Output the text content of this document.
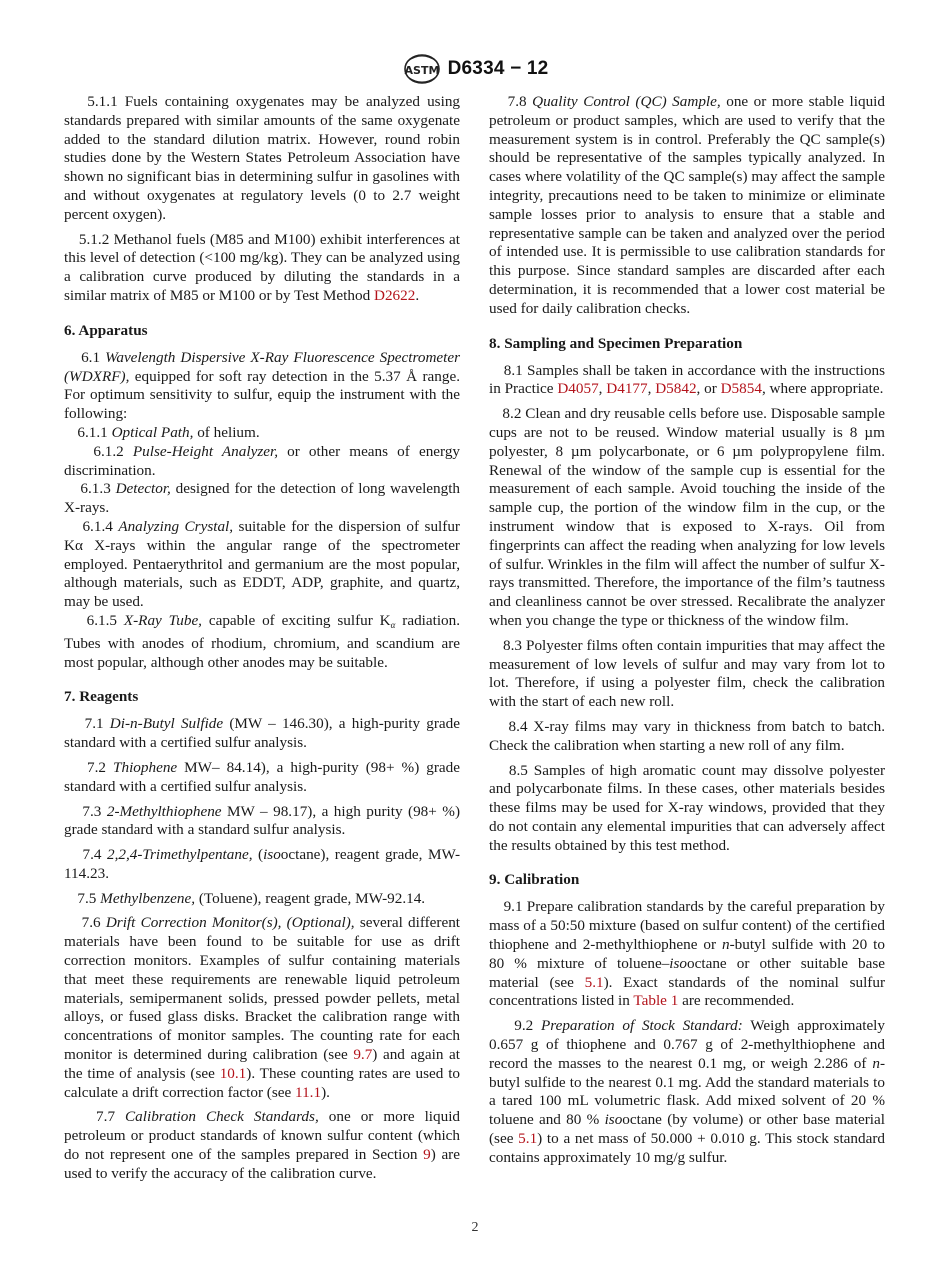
ASTM D6334 − 12

5.1.1 Fuels containing oxygenates may be analyzed using standards prepared with similar amounts of the same oxygenate added to the standard dilution matrix. However, round robin studies done by the Western States Petroleum Association have shown no significant bias in determining sulfur in gasolines with and without oxygenates at regulatory levels (0 to 2.7 weight percent oxygen).

5.1.2 Methanol fuels (M85 and M100) exhibit interferences at this level of detection (<100 mg/kg). They can be analyzed using a calibration curve produced by diluting the standards in a similar matrix of M85 or M100 or by Test Method D2622.

6. Apparatus

6.1 Wavelength Dispersive X-Ray Fluorescence Spectrometer (WDXRF), equipped for soft ray detection in the 5.37 Å range. For optimum sensitivity to sulfur, equip the instrument with the following:

6.1.1 Optical Path, of helium.

6.1.2 Pulse-Height Analyzer, or other means of energy discrimination.

6.1.3 Detector, designed for the detection of long wavelength X-rays.

6.1.4 Analyzing Crystal, suitable for the dispersion of sulfur Kα X-rays within the angular range of the spectrometer employed. Pentaerythritol and germanium are the most popular, although materials, such as EDDT, ADP, graphite, and quartz, may be used.

6.1.5 X-Ray Tube, capable of exciting sulfur $K_\alpha$ radiation. Tubes with anodes of rhodium, chromium, and scandium are most popular, although other anodes may be suitable.

7. Reagents

7.1 Di-n-Butyl Sulfide (MW – 146.30), a high-purity grade standard with a certified sulfur analysis.

7.2 Thiophene MW– 84.14), a high-purity (98+ %) grade standard with a certified sulfur analysis.

7.3 2-Methylthiophene MW – 98.17), a high purity (98+ %) grade standard with a standard sulfur analysis.

7.4 2,2,4-Trimethylpentane, (isooctane), reagent grade, MW-114.23.

7.5 Methylbenzene, (Toluene), reagent grade, MW-92.14.

7.6 Drift Correction Monitor(s), (Optional), several different materials have been found to be suitable for use as drift correction monitors. Examples of sulfur containing materials that meet these requirements are renewable liquid petroleum materials, semipermanent solids, pressed powder pellets, metal alloys, or fused glass disks. Bracket the calibration range with concentrations of monitor samples. The counting rate for each monitor is determined during calibration (see 9.7) and again at the time of analysis (see 10.1). These counting rates are used to calculate a drift correction factor (see 11.1).

7.7 Calibration Check Standards, one or more liquid petroleum or product standards of known sulfur content (which do not represent one of the samples prepared in Section 9) are used to verify the accuracy of the calibration curve.

7.8 Quality Control (QC) Sample, one or more stable liquid petroleum or product samples, which are used to verify that the measurement system is in control. Preferably the QC sample(s) should be representative of the samples typically analyzed. In cases where volatility of the QC sample(s) may affect the sample integrity, precautions need to be taken to minimize or eliminate sample losses prior to analysis to ensure that a stable and representative sample can be taken and analyzed over the period of intended use. It is permissible to use calibration standards for this purpose. Since standard samples are discarded after each determination, it is recommended that a lower cost material be used for daily calibration checks.

8. Sampling and Specimen Preparation

8.1 Samples shall be taken in accordance with the instructions in Practice D4057, D4177, D5842, or D5854, where appropriate.

8.2 Clean and dry reusable cells before use. Disposable sample cups are not to be reused. Window material usually is 8 µm polyester, 8 µm polycarbonate, or 6 µm polypropylene film. Renewal of the window of the sample cup is essential for the measurement of each sample. Avoid touching the inside of the sample cup, the portion of the window film in the cup, or the instrument window that is exposed to X-rays. Oil from fingerprints can affect the reading when analyzing for low levels of sulfur. Wrinkles in the film will affect the number of sulfur X-rays transmitted. Therefore, the importance of the film’s tautness and cleanliness cannot be over stressed. Recalibrate the analyzer when you change the type or thickness of the window film.

8.3 Polyester films often contain impurities that may affect the measurement of low levels of sulfur and may vary from lot to lot. Therefore, if using a polyester film, check the calibration with the start of each new roll.

8.4 X-ray films may vary in thickness from batch to batch. Check the calibration when starting a new roll of any film.

8.5 Samples of high aromatic count may dissolve polyester and polycarbonate films. In these cases, other materials besides these films may be used for X-ray windows, provided that they do not contain any elemental impurities that can adversely affect the results obtained by this test method.

9. Calibration

9.1 Prepare calibration standards by the careful preparation by mass of a 50:50 mixture (based on sulfur content) of the certified thiophene and 2-methylthiophene or n-butyl sulfide with 20 to 80 % mixture of toluene–isooctane or other suitable base material (see 5.1). Exact standards of the nominal sulfur concentrations listed in Table 1 are recommended.

9.2 Preparation of Stock Standard: Weigh approximately 0.657 g of thiophene and 0.767 g of 2-methylthiophene and record the masses to the nearest 0.1 mg, or weigh 2.286 of n-butyl sulfide to the nearest 0.1 mg. Add the standard materials to a tared 100 mL volumetric flask. Add mixed solvent of 20 % toluene and 80 % isooctane (by volume) or other base material (see 5.1) to a net mass of 50.000 + 0.010 g. This stock standard contains approximately 10 mg/g sulfur.

2
